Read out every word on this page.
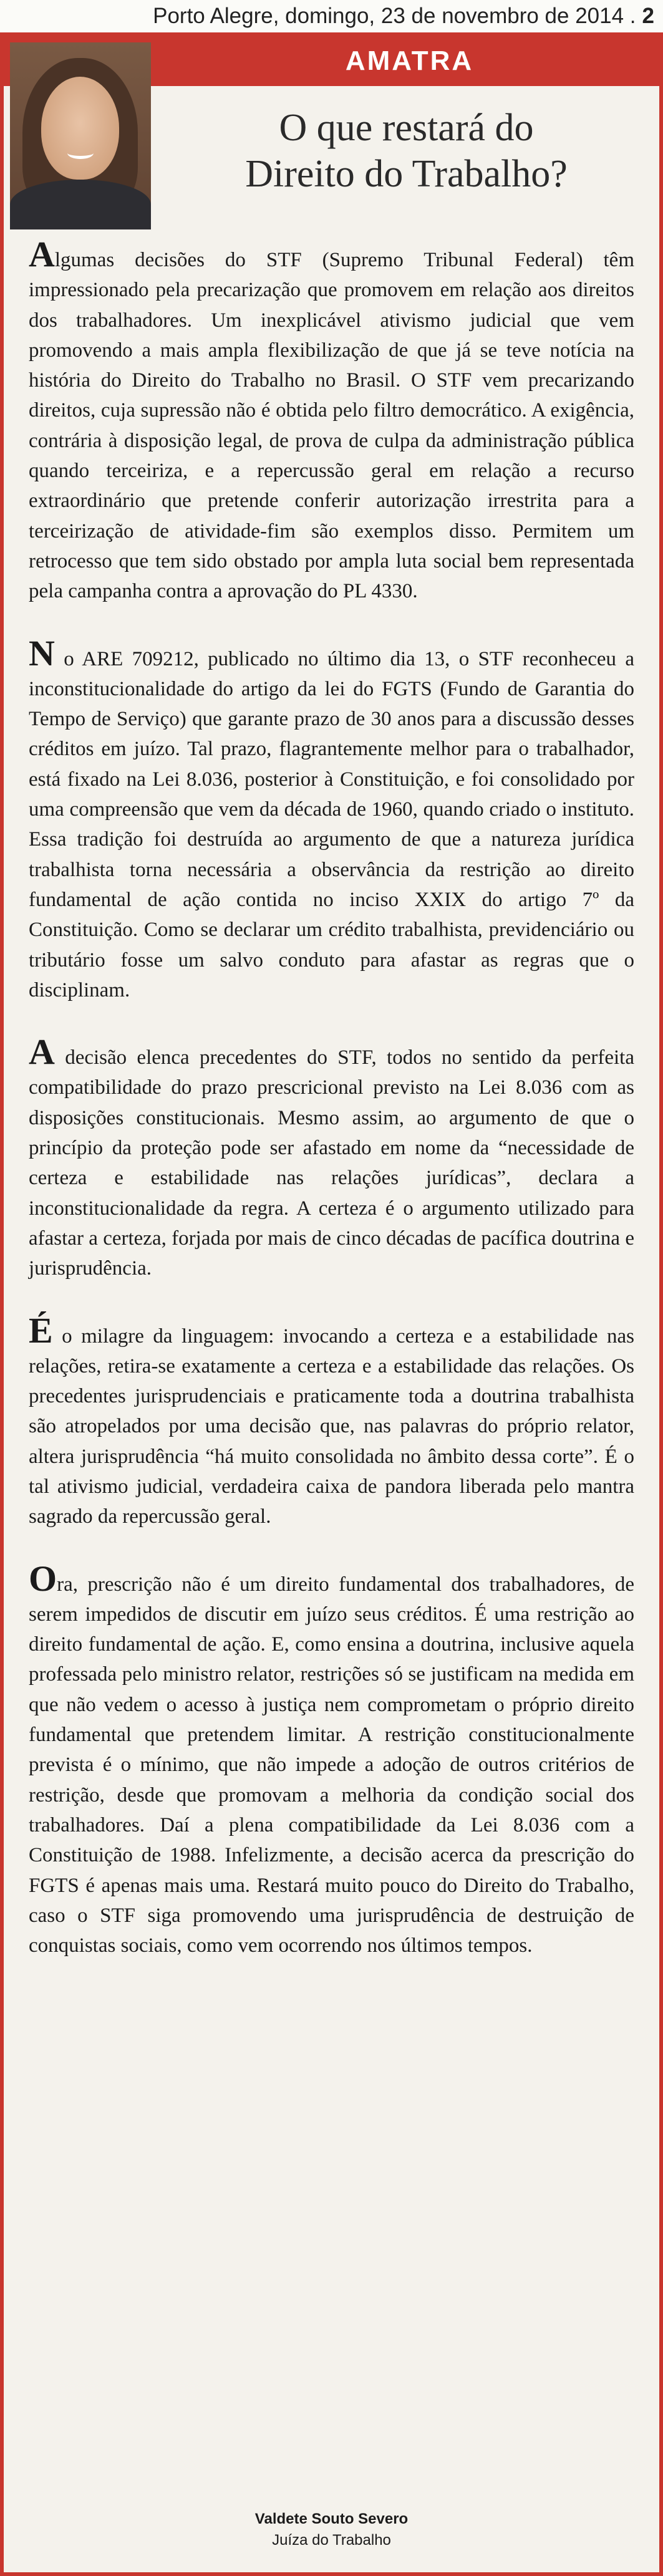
Porto Alegre, domingo, 23 de novembro de 2014 . 2
AMATRA
O que restará do
Direito do Trabalho?

Algumas decisões do STF (Supremo Tribunal Federal) têm impressionado pela precarização que promovem em relação aos direitos dos trabalhadores. Um inexplicável ativismo judicial que vem promovendo a mais ampla flexibilização de que já se teve notícia na história do Direito do Trabalho no Brasil. O STF vem precarizando direitos, cuja supressão não é obtida pelo filtro democrático. A exigência, contrária à disposição legal, de prova de culpa da administração pública quando terceiriza, e a repercussão geral em relação a recurso extraordinário que pretende conferir autorização irrestrita para a terceirização de atividade-fim são exemplos disso. Permitem um retrocesso que tem sido obstado por ampla luta social bem representada pela campanha contra a aprovação do PL 4330.

N o ARE 709212, publicado no último dia 13, o STF reconheceu a inconstitucionalidade do artigo da lei do FGTS (Fundo de Garantia do Tempo de Serviço) que garante prazo de 30 anos para a discussão desses créditos em juízo. Tal prazo, flagrantemente melhor para o trabalhador, está fixado na Lei 8.036, posterior à Constituição, e foi consolidado por uma compreensão que vem da década de 1960, quando criado o instituto. Essa tradição foi destruída ao argumento de que a natureza jurídica trabalhista torna necessária a observância da restrição ao direito fundamental de ação contida no inciso XXIX do artigo 7º da Constituição. Como se declarar um crédito trabalhista, previdenciário ou tributário fosse um salvo conduto para afastar as regras que o disciplinam.

A decisão elenca precedentes do STF, todos no sentido da perfeita compatibilidade do prazo prescricional previsto na Lei 8.036 com as disposições constitucionais. Mesmo assim, ao argumento de que o princípio da proteção pode ser afastado em nome da “necessidade de certeza e estabilidade nas relações jurídicas”, declara a inconstitucionalidade da regra. A certeza é o argumento utilizado para afastar a certeza, forjada por mais de cinco décadas de pacífica doutrina e jurisprudência.

É o milagre da linguagem: invocando a certeza e a estabilidade nas relações, retira-se exatamente a certeza e a estabilidade das relações. Os precedentes jurisprudenciais e praticamente toda a doutrina trabalhista são atropelados por uma decisão que, nas palavras do próprio relator, altera jurisprudência “há muito consolidada no âmbito dessa corte”. É o tal ativismo judicial, verdadeira caixa de pandora liberada pelo mantra sagrado da repercussão geral.

Ora, prescrição não é um direito fundamental dos trabalhadores, de serem impedidos de discutir em juízo seus créditos. É uma restrição ao direito fundamental de ação. E, como ensina a doutrina, inclusive aquela professada pelo ministro relator, restrições só se justificam na medida em que não vedem o acesso à justiça nem comprometam o próprio direito fundamental que pretendem limitar. A restrição constitucionalmente prevista é o mínimo, que não impede a adoção de outros critérios de restrição, desde que promovam a melhoria da condição social dos trabalhadores. Daí a plena compatibilidade da Lei 8.036 com a Constituição de 1988. Infelizmente, a decisão acerca da prescrição do FGTS é apenas mais uma. Restará muito pouco do Direito do Trabalho, caso o STF siga promovendo uma jurisprudência de destruição de conquistas sociais, como vem ocorrendo nos últimos tempos.

Valdete Souto Severo
Juíza do Trabalho
